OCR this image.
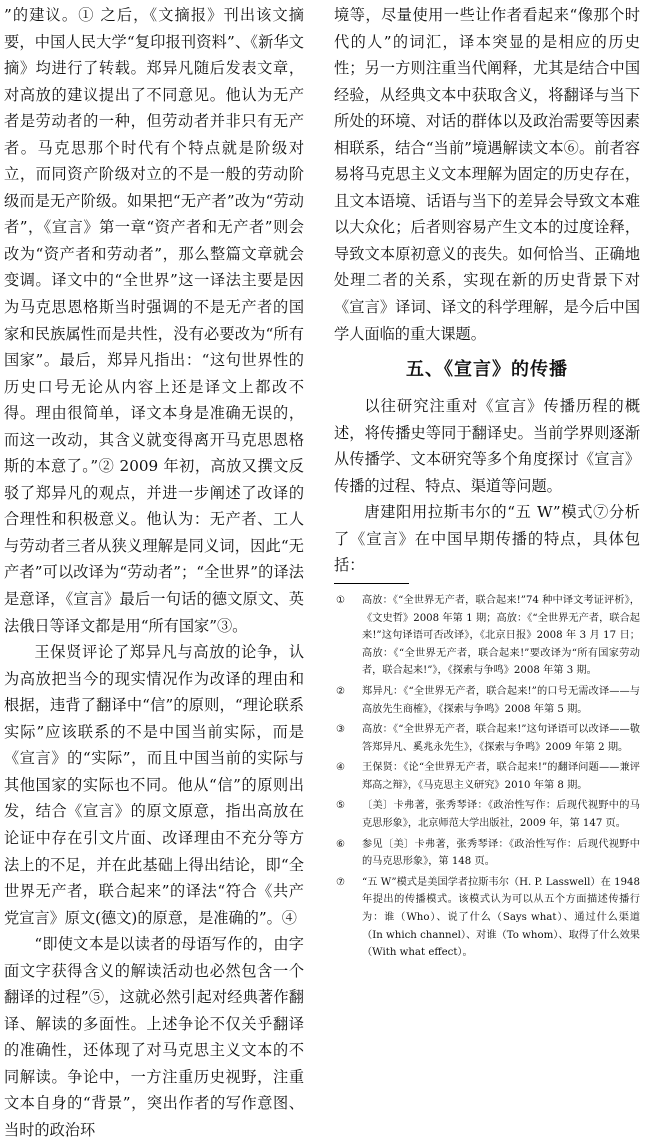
”的建议。① 之后，《文摘报》刊出该文摘要，中国人民大学“复印报刊资料”、《新华文摘》均进行了转载。郑异凡随后发表文章，对高放的建议提出了不同意见。他认为无产者是劳动者的一种，但劳动者并非只有无产者。马克思那个时代有个特点就是阶级对立，而同资产阶级对立的不是一般的劳动阶级而是无产阶级。如果把“无产者”改为“劳动者”，《宣言》第一章“资产者和无产者”则会改为“资产者和劳动者”，那么整篇文章就会变调。译文中的“全世界”这一译法主要是因为马克思恩格斯当时强调的不是无产者的国家和民族属性而是共性，没有必要改为“所有国家”。最后，郑异凡指出：“这句世界性的历史口号无论从内容上还是译文上都改不得。理由很简单，译文本身是准确无误的，而这一改动，其含义就变得离开马克思恩格斯的本意了。”② 2009 年初，高放又撰文反驳了郑异凡的观点，并进一步阐述了改译的合理性和积极意义。他认为：无产者、工人与劳动者三者从狭义理解是同义词，因此“无产者”可以改译为“劳动者”；“全世界”的译法是意译，《宣言》最后一句话的德文原文、英法俄日等译文都是用“所有国家”③。

王保贤评论了郑异凡与高放的论争，认为高放把当今的现实情况作为改译的理由和根据，违背了翻译中“信”的原则，“理论联系实际”应该联系的不是中国当前实际，而是《宣言》的“实际”，而且中国当前的实际与其他国家的实际也不同。他从“信”的原则出发，结合《宣言》的原文原意，指出高放在论证中存在引文片面、改译理由不充分等方法上的不足，并在此基础上得出结论，即“全世界无产者，联合起来”的译法“符合《共产党宣言》原文(德文)的原意，是准确的”。④

“即使文本是以读者的母语写作的，由字面文字获得含义的解读活动也必然包含一个翻译的过程”⑤，这就必然引起对经典著作翻译、解读的多面性。上述争论不仅关乎翻译的准确性，还体现了对马克思主义文本的不同解读。争论中，一方注重历史视野，注重文本自身的“背景”，突出作者的写作意图、当时的政治环

境等，尽量使用一些让作者看起来“像那个时代的人”的词汇，译本突显的是相应的历史性；另一方则注重当代阐释，尤其是结合中国经验，从经典文本中获取含义，将翻译与当下所处的环境、对话的群体以及政治需要等因素相联系，结合“当前”境遇解读文本⑥。前者容易将马克思主义文本理解为固定的历史存在，且文本语境、话语与当下的差异会导致文本难以大众化；后者则容易产生文本的过度诠释，导致文本原初意义的丧失。如何恰当、正确地处理二者的关系，实现在新的历史背景下对《宣言》译词、译文的科学理解，是今后中国学人面临的重大课题。

五、《宣言》的传播

以往研究注重对《宣言》传播历程的概述，将传播史等同于翻译史。当前学界则逐渐从传播学、文本研究等多个角度探讨《宣言》传播的过程、特点、渠道等问题。

唐建阳用拉斯韦尔的“五 W”模式⑦分析了《宣言》在中国早期传播的特点，具体包括：

①	高放：《“全世界无产者，联合起来!”74 种中译文考证评析》，《文史哲》2008 年第 1 期；高放：《“全世界无产者，联合起来!”这句译语可否改译》，《北京日报》2008 年 3 月 17 日；高放：《“全世界无产者，联合起来!”要改译为“所有国家劳动者，联合起来!”》，《探索与争鸣》2008 年第 3 期。
②	郑异凡：《“全世界无产者，联合起来!”的口号无需改译——与高放先生商榷》，《探索与争鸣》2008 年第 5 期。
③	高放：《“全世界无产者，联合起来!”这句译语可以改译——敬答郑异凡、奚兆永先生》，《探索与争鸣》2009 年第 2 期。
④	王保贤：《论“全世界无产者，联合起来!”的翻译问题——兼评郑高之辩》，《马克思主义研究》2010 年第 8 期。
⑤	〔美〕卡弗著，张秀琴译：《政治性写作：后现代视野中的马克思形象》，北京师范大学出版社，2009 年，第 147 页。
⑥	参见〔美〕卡弗著，张秀琴译：《政治性写作：后现代视野中的马克思形象》，第 148 页。
⑦	“五 W”模式是美国学者拉斯韦尔（H. P. Lasswell）在 1948 年提出的传播模式。该模式认为可以从五个方面描述传播行为：谁（Who）、说了什么（Says what）、通过什么渠道（In which channel）、对谁（To whom）、取得了什么效果（With what effect）。
